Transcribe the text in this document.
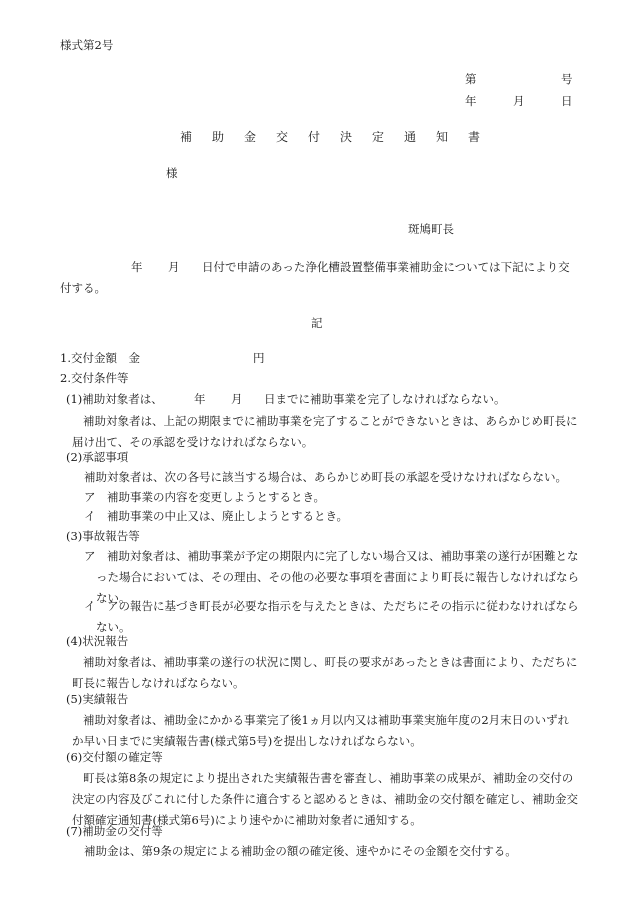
様式第2号
第	号
年	月	日
補助金交付決定通知書
様
斑鳩町長
年 月	日付で申請のあった浄化槽設置整備事業補助金については下記により交付する。
記
1.交付金額　金	円
2.交付条件等
(1)補助対象者は、	年 月 日までに補助事業を完了しなければならない。
補助対象者は、上記の期限までに補助事業を完了することができないときは、あらかじめ町長に届け出て、その承認を受けなければならない。
(2)承認事項
補助対象者は、次の各号に該当する場合は、あらかじめ町長の承認を受けなければならない。
ア　補助事業の内容を変更しようとするとき。
イ　補助事業の中止又は、廃止しようとするとき。
(3)事故報告等
ア	補助対象者は、補助事業が予定の期限内に完了しない場合又は、補助事業の遂行が困難となった場合においては、その理由、その他の必要な事項を書面により町長に報告しなければならない。
イ	アの報告に基づき町長が必要な指示を与えたときは、ただちにその指示に従わなければならない。
(4)状況報告
補助対象者は、補助事業の遂行の状況に関し、町長の要求があったときは書面により、ただちに町長に報告しなければならない。
(5)実績報告
補助対象者は、補助金にかかる事業完了後1ヵ月以内又は補助事業実施年度の2月末日のいずれか早い日までに実績報告書(様式第5号)を提出しなければならない。
(6)交付額の確定等
町長は第8条の規定により提出された実績報告書を審査し、補助事業の成果が、補助金の交付の決定の内容及びこれに付した条件に適合すると認めるときは、補助金の交付額を確定し、補助金交付額確定通知書(様式第6号)により速やかに補助対象者に通知する。
(7)補助金の交付等
補助金は、第9条の規定による補助金の額の確定後、速やかにその金額を交付する。
